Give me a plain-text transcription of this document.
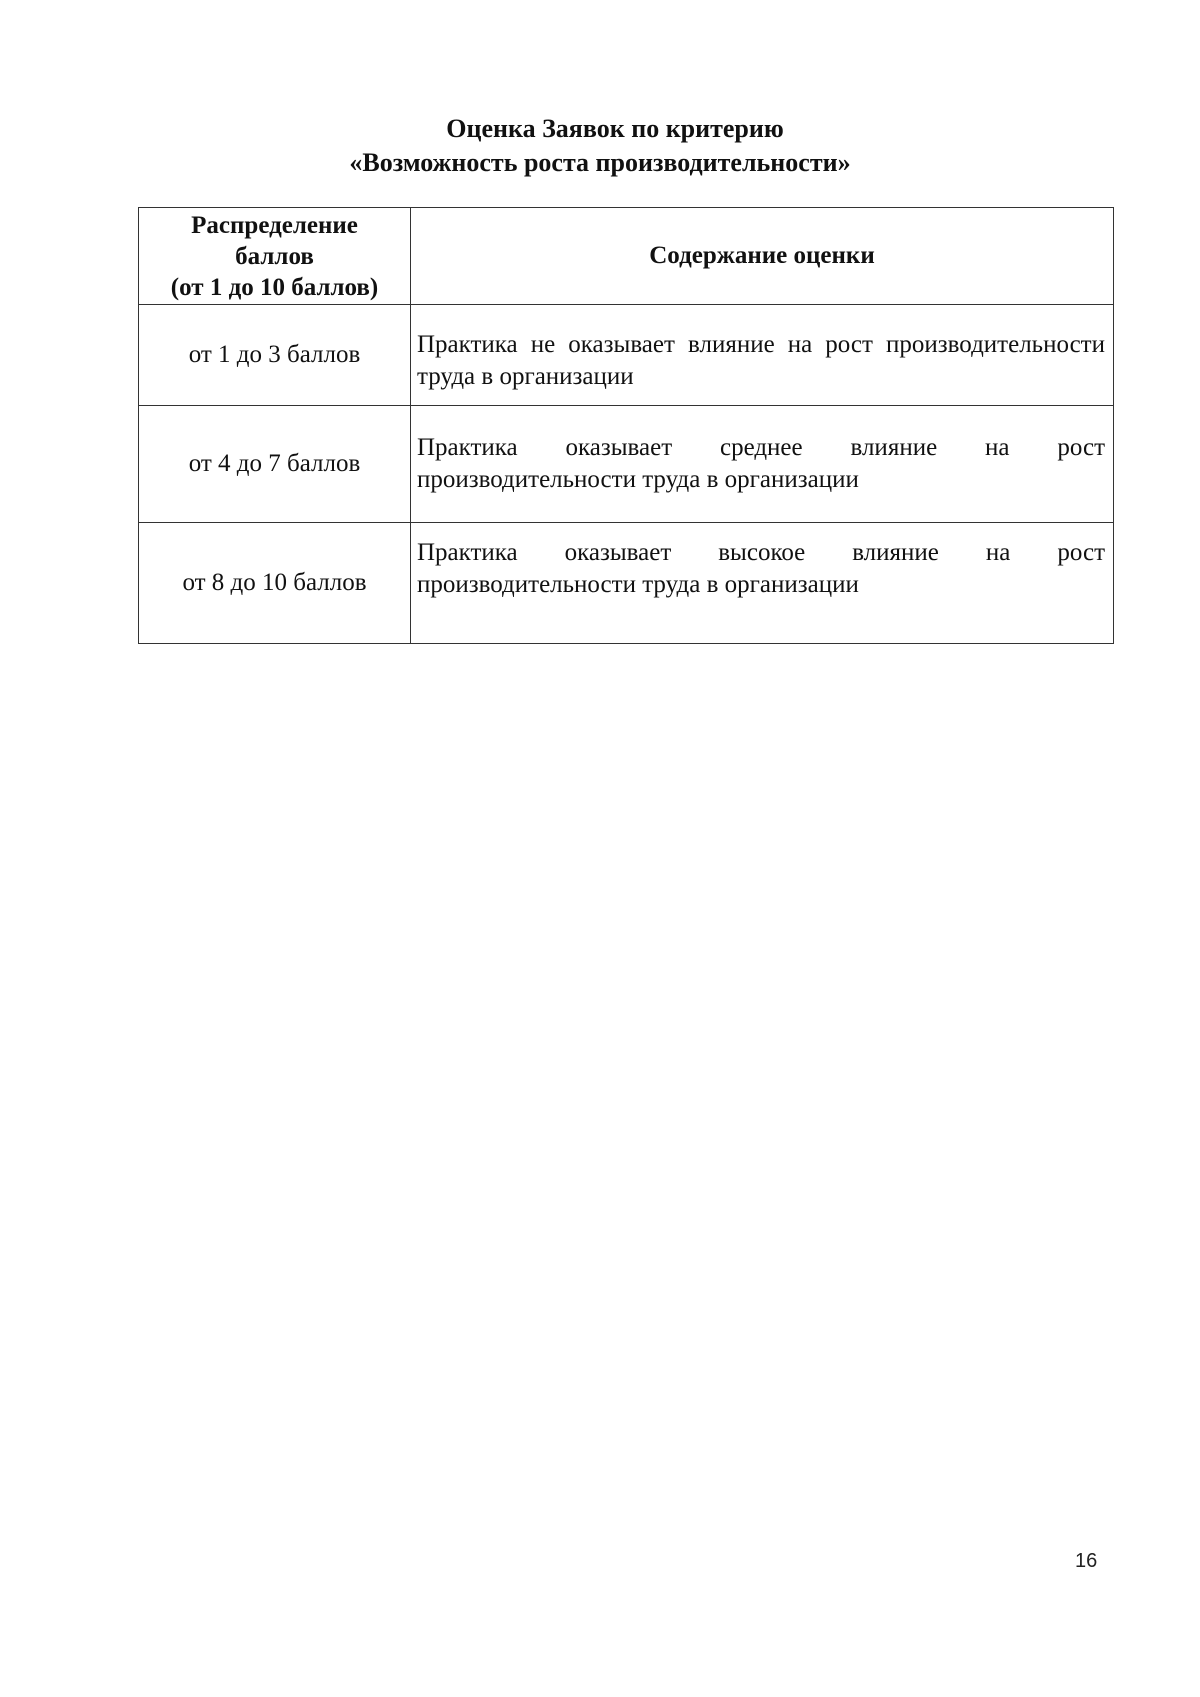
Оценка Заявок по критерию
«Возможность роста производительности»
Распределение
баллов
(от 1 до 10 баллов)	Содержание оценки
от 1 до 3 баллов	Практика не оказывает влияние на рост производительности труда в организации

от 4 до 7 баллов	Практика оказывает среднее влияние на рост производительности труда в организации

от 8 до 10 баллов	Практика оказывает высокое влияние на рост производительности труда в организации
16
